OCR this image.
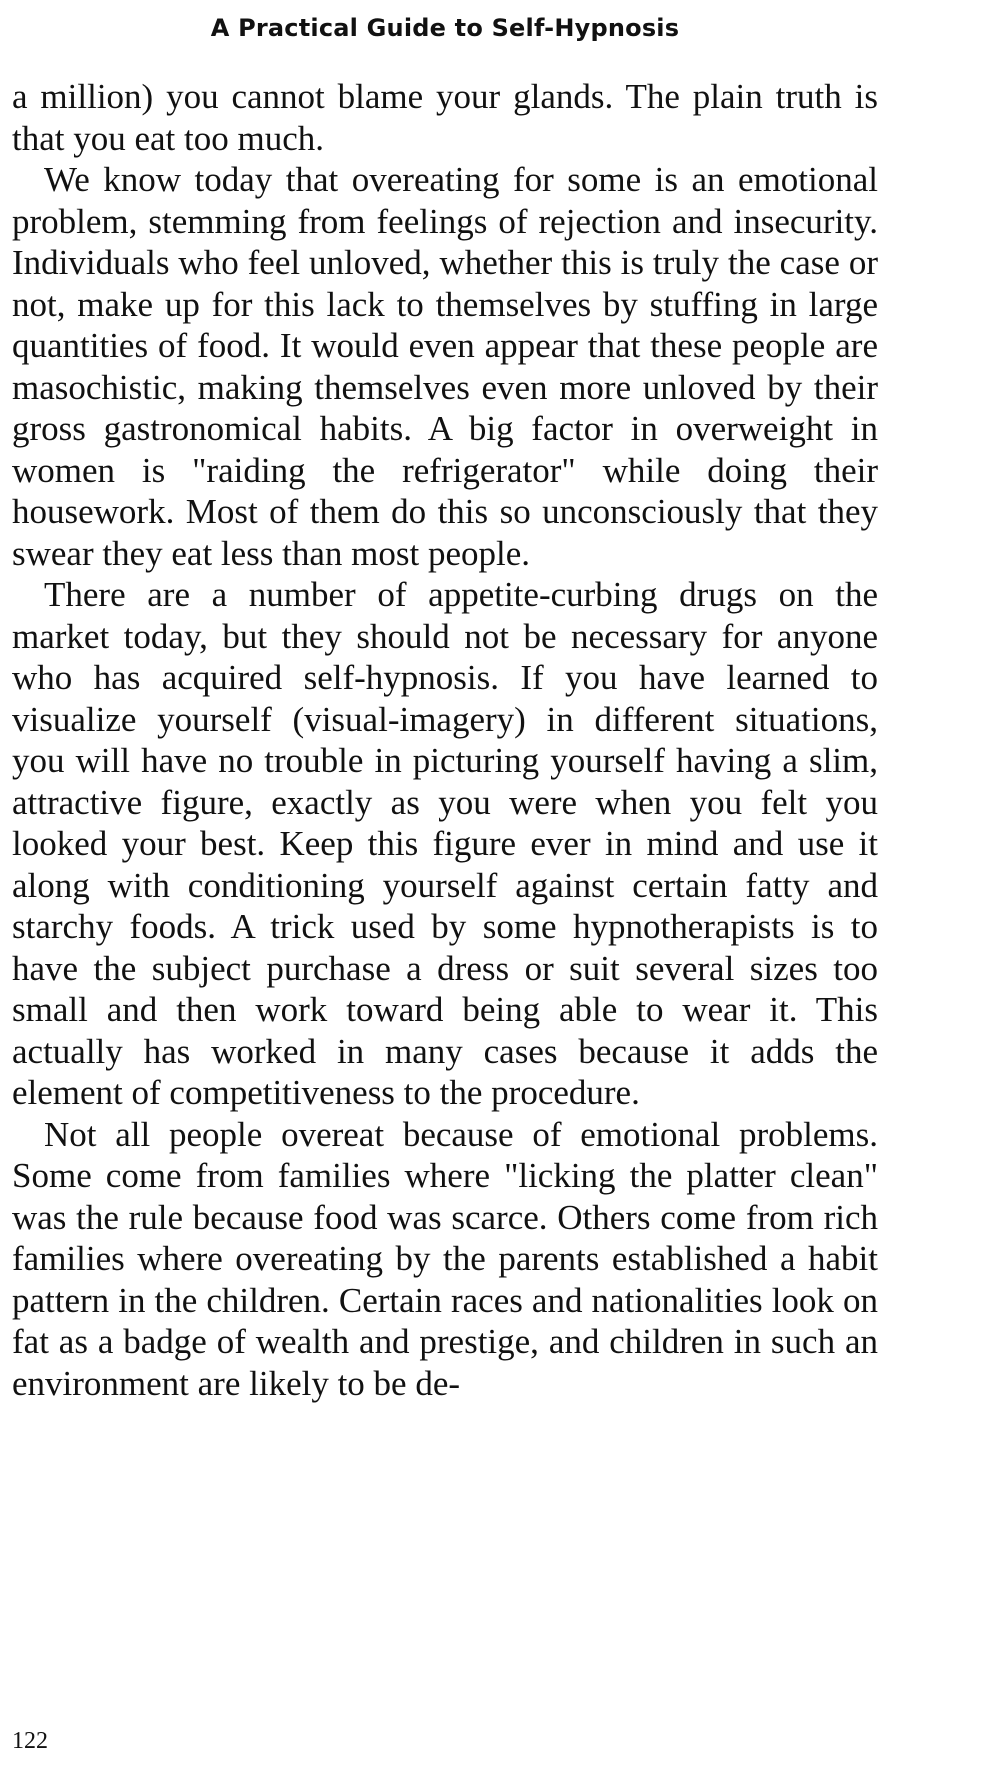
A Practical Guide to Self-Hypnosis

a million) you cannot blame your glands. The plain truth is that you eat too much.

We know today that overeating for some is an emotional problem, stemming from feelings of rejection and insecurity. Individuals who feel unloved, whether this is truly the case or not, make up for this lack to themselves by stuffing in large quantities of food. It would even appear that these people are masochistic, making themselves even more unloved by their gross gastronomical habits. A big factor in overweight in women is "raiding the refrigerator" while doing their housework. Most of them do this so unconsciously that they swear they eat less than most people.

There are a number of appetite-curbing drugs on the market today, but they should not be necessary for anyone who has acquired self-hypnosis. If you have learned to visualize yourself (visual-imagery) in different situations, you will have no trouble in picturing yourself having a slim, attractive figure, exactly as you were when you felt you looked your best. Keep this figure ever in mind and use it along with conditioning yourself against certain fatty and starchy foods. A trick used by some hypnotherapists is to have the subject purchase a dress or suit several sizes too small and then work toward being able to wear it. This actually has worked in many cases because it adds the element of competitiveness to the procedure.

Not all people overeat because of emotional problems. Some come from families where "licking the platter clean" was the rule because food was scarce. Others come from rich families where overeating by the parents established a habit pattern in the children. Certain races and nationalities look on fat as a badge of wealth and prestige, and children in such an environment are likely to be de-

122
